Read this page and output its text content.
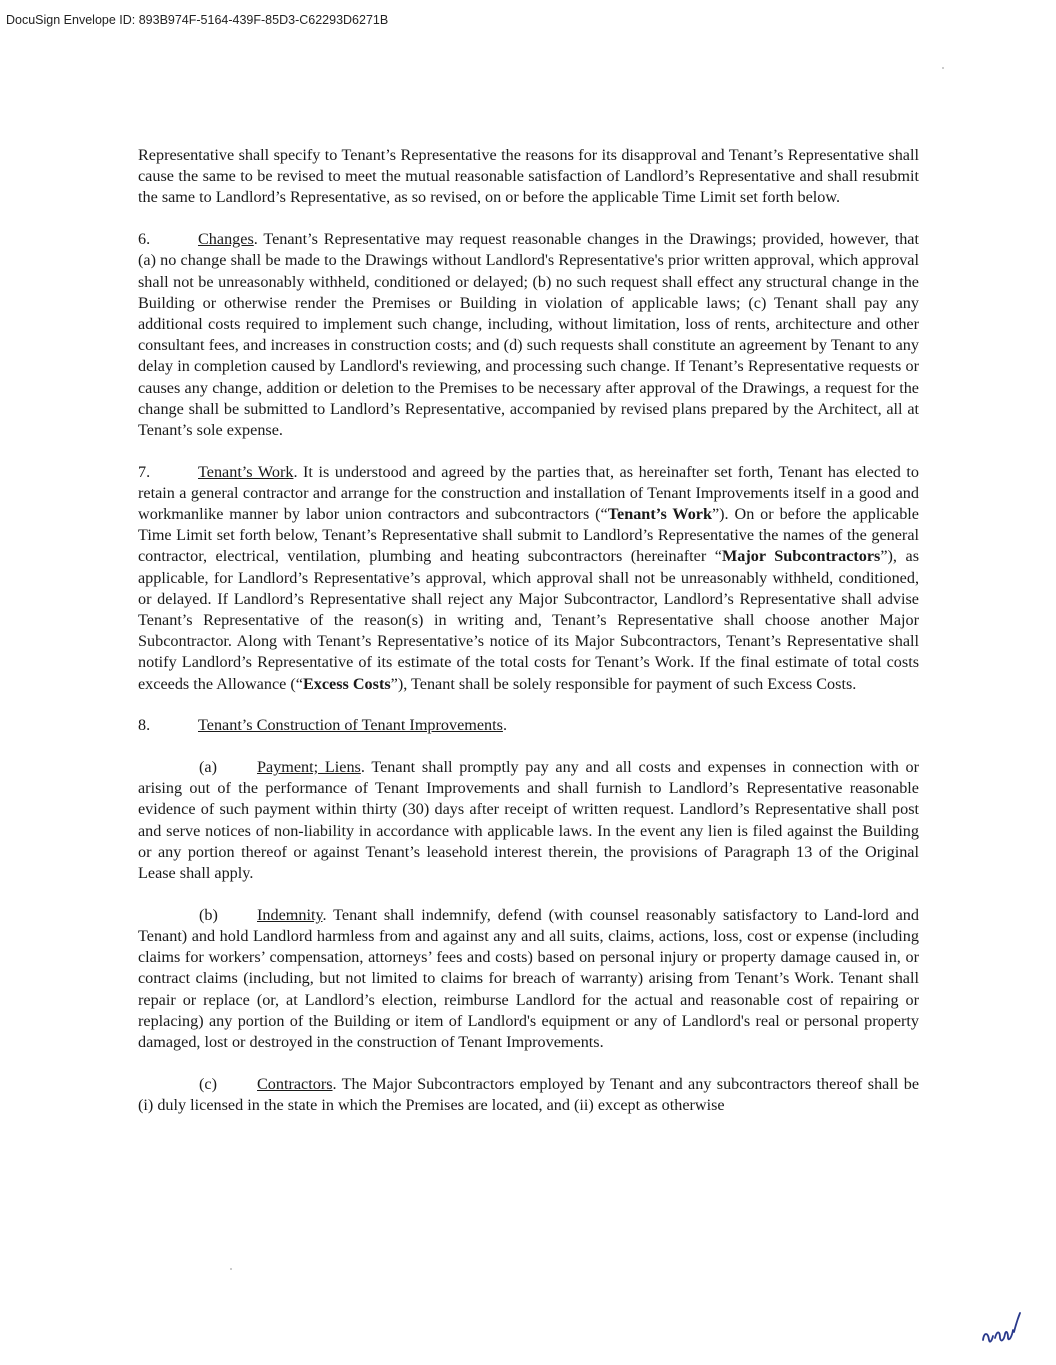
DocuSign Envelope ID: 893B974F-5164-439F-85D3-C62293D6271B

Representative shall specify to Tenant’s Representative the reasons for its disapproval and Tenant’s Representative shall cause the same to be revised to meet the mutual reasonable satisfaction of Landlord’s Representative and shall resubmit the same to Landlord’s Representative, as so revised, on or before the applicable Time Limit set forth below.

6.	Changes. Tenant’s Representative may request reasonable changes in the Drawings; provided, however, that (a) no change shall be made to the Drawings without Landlord's Representative's prior written approval, which approval shall not be unreasonably withheld, conditioned or delayed; (b) no such request shall effect any structural change in the Building or otherwise render the Premises or Building in violation of applicable laws; (c) Tenant shall pay any additional costs required to implement such change, including, without limitation, loss of rents, architecture and other consultant fees, and increases in construction costs; and (d) such requests shall constitute an agreement by Tenant to any delay in completion caused by Landlord's reviewing, and processing such change. If Tenant’s Representative requests or causes any change, addition or deletion to the Premises to be necessary after approval of the Drawings, a request for the change shall be submitted to Landlord’s Representative, accompanied by revised plans prepared by the Architect, all at Tenant’s sole expense.

7.	Tenant’s Work. It is understood and agreed by the parties that, as hereinafter set forth, Tenant has elected to retain a general contractor and arrange for the construction and installation of Tenant Improvements itself in a good and workmanlike manner by labor union contractors and subcontractors (“Tenant’s Work”). On or before the applicable Time Limit set forth below, Tenant’s Representative shall submit to Landlord’s Representative the names of the general contractor, electrical, ventilation, plumbing and heating subcontractors (hereinafter “Major Subcontractors”), as applicable, for Landlord’s Representative’s approval, which approval shall not be unreasonably withheld, conditioned, or delayed. If Landlord’s Representative shall reject any Major Subcontractor, Landlord’s Representative shall advise Tenant’s Representative of the reason(s) in writing and, Tenant’s Representative shall choose another Major Subcontractor. Along with Tenant’s Representative’s notice of its Major Subcontractors, Tenant’s Representative shall notify Landlord’s Representative of its estimate of the total costs for Tenant’s Work. If the final estimate of total costs exceeds the Allowance (“Excess Costs”), Tenant shall be solely responsible for payment of such Excess Costs.

8.	Tenant’s Construction of Tenant Improvements.

(a) Payment; Liens. Tenant shall promptly pay any and all costs and expenses in connection with or arising out of the performance of Tenant Improvements and shall furnish to Landlord’s Representative reasonable evidence of such payment within thirty (30) days after receipt of written request. Landlord’s Representative shall post and serve notices of non-liability in accordance with applicable laws. In the event any lien is filed against the Building or any portion thereof or against Tenant’s leasehold interest therein, the provisions of Paragraph 13 of the Original Lease shall apply.

(b) Indemnity. Tenant shall indemnify, defend (with counsel reasonably satisfactory to Land-lord and Tenant) and hold Landlord harmless from and against any and all suits, claims, actions, loss, cost or expense (including claims for workers’ compensation, attorneys’ fees and costs) based on personal injury or property damage caused in, or contract claims (including, but not limited to claims for breach of warranty) arising from Tenant’s Work. Tenant shall repair or replace (or, at Landlord’s election, reimburse Landlord for the actual and reasonable cost of repairing or replacing) any portion of the Building or item of Landlord's equipment or any of Landlord's real or personal property damaged, lost or destroyed in the construction of Tenant Improvements.

(c) Contractors. The Major Subcontractors employed by Tenant and any subcontractors thereof shall be (i) duly licensed in the state in which the Premises are located, and (ii) except as otherwise
